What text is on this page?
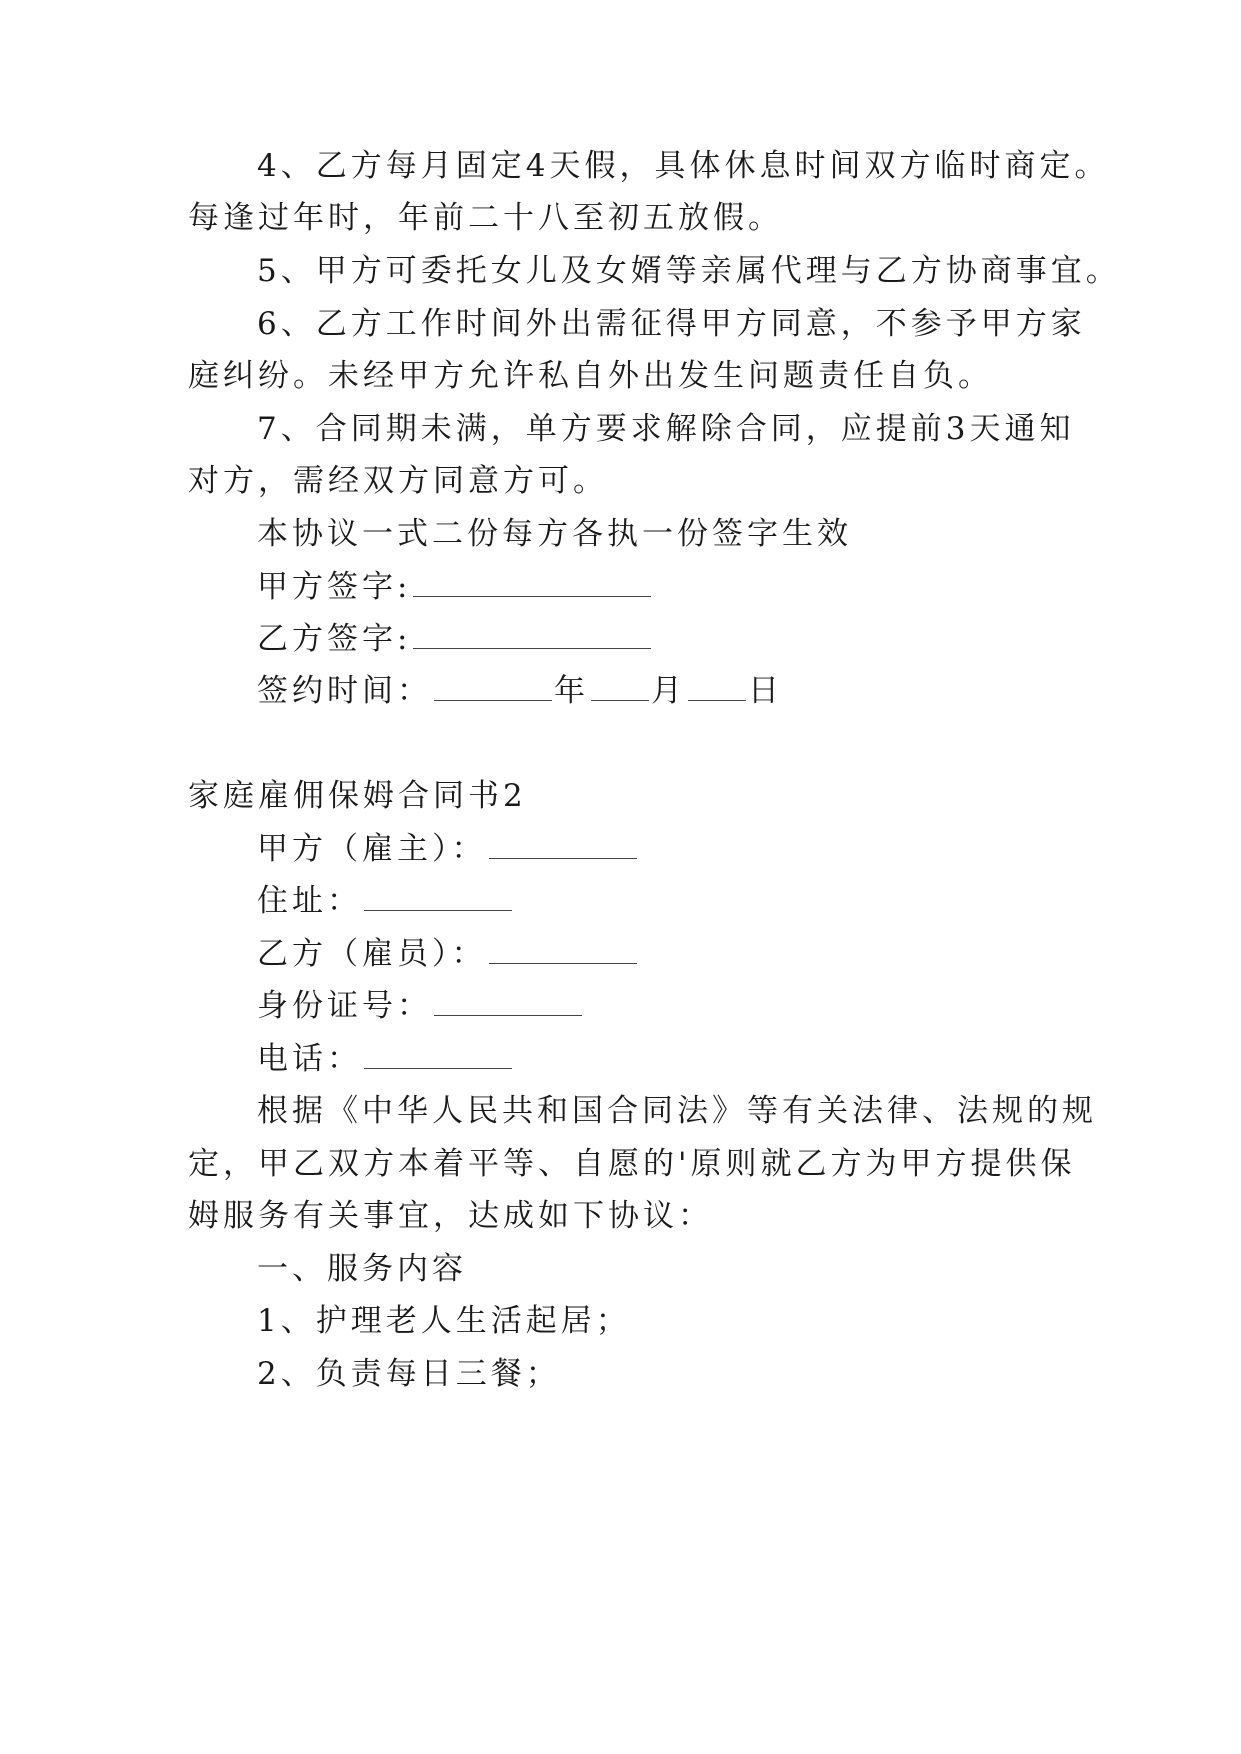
4、乙方每月固定4天假，具体休息时间双方临时商定。

每逢过年时，年前二十八至初五放假。

5、甲方可委托女儿及女婿等亲属代理与乙方协商事宜。

6、乙方工作时间外出需征得甲方同意，不参予甲方家

庭纠纷。未经甲方允许私自外出发生问题责任自负。

7、合同期未满，单方要求解除合同，应提前3天通知

对方，需经双方同意方可。

本协议一式二份每方各执一份签字生效

甲方签字:

乙方签字:

签约时间：	年 月 日

家庭雇佣保姆合同书2

甲方（雇主）：

住址：

乙方（雇员）：

身份证号：

电话：

根据《中华人民共和国合同法》等有关法律、法规的规

定，甲乙双方本着平等、自愿的'原则就乙方为甲方提供保

姆服务有关事宜，达成如下协议：

一、服务内容

1、护理老人生活起居；

2、负责每日三餐；
